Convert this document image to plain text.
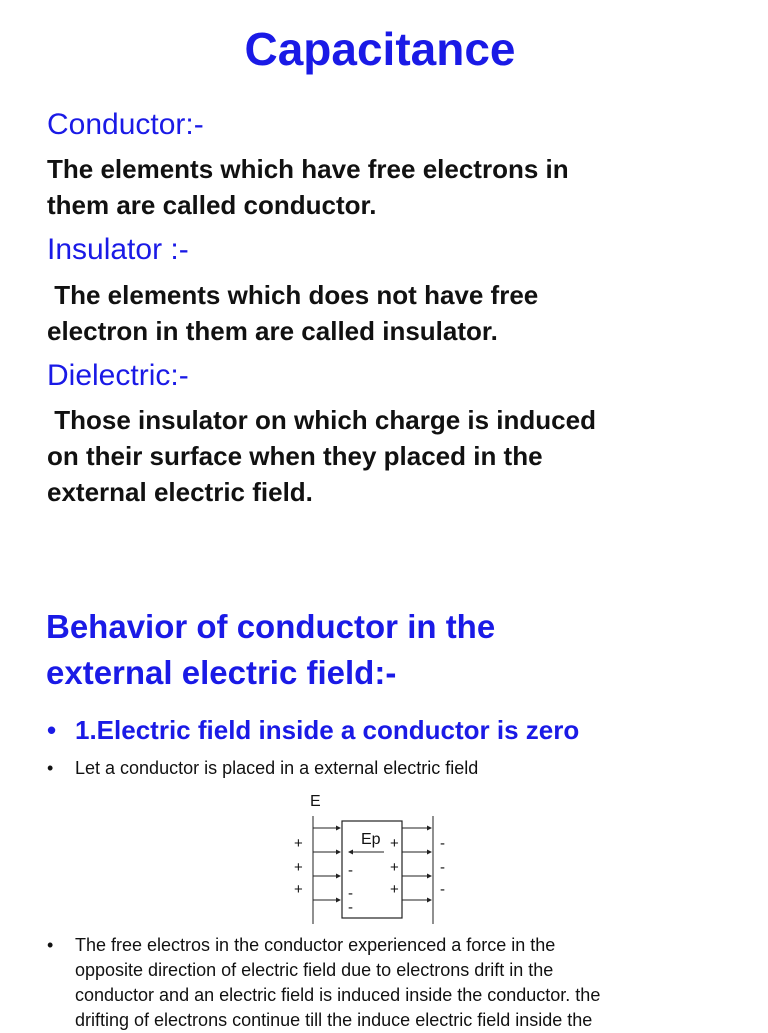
Capacitance
Conductor:-

The elements which have free electrons in
them are called conductor.

Insulator :-

The elements which does not have free
electron in them are called insulator.

Dielectric:-

Those insulator on which charge is induced
on their surface when they placed in the
external electric field.

Behavior of conductor in the
external electric field:-
• 1.Electric field inside a conductor is zero
• Let a conductor is placed in a external electric field
E
Ep
+
+
+
-
-
-
+
+
+
-
-
-
• The free electros in the conductor experienced a force in the
opposite direction of electric field due to electrons drift in the
conductor and an electric field is induced inside the conductor. the
drifting of electrons continue till the induce electric field inside the
